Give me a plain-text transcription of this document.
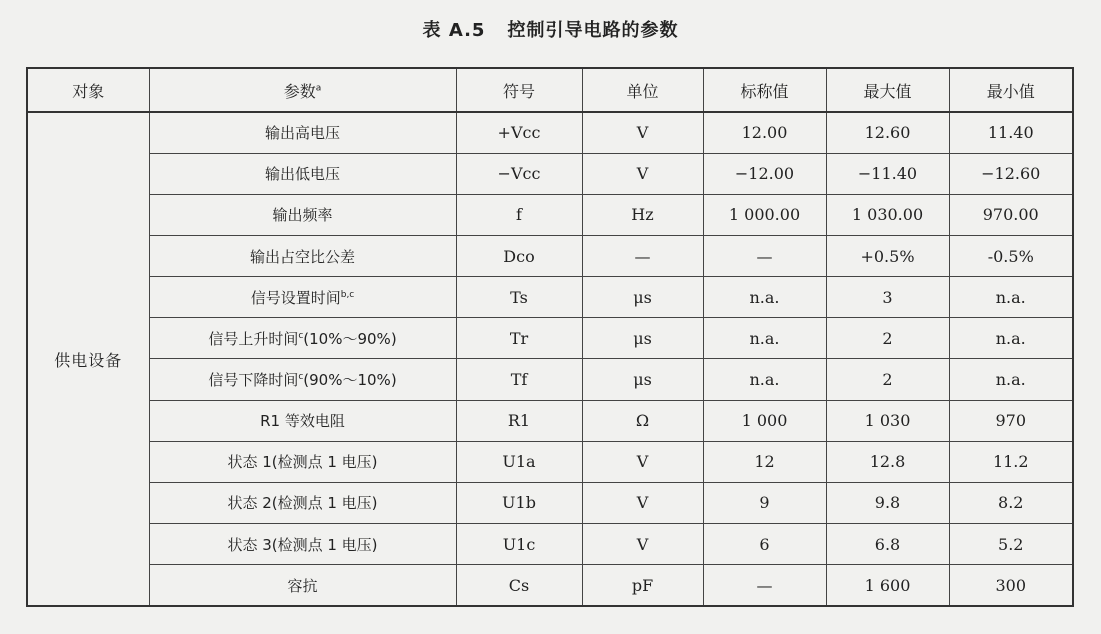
表 A.5 控制引导电路的参数
对象	参数$^a$	符号	单位	标称值	最大值	最小值
供电设备	输出高电压	+Vcc	V	12.00	12.60	11.40
	输出低电压	−Vcc	V	−12.00	−11.40	−12.60
	输出频率	f	Hz	1 000.00	1 030.00	970.00
	输出占空比公差	Dco	—	—	+0.5%	-0.5%
	信号设置时间$^{b,c}$	Ts	μs	n.a.	3	n.a.
	信号上升时间$^c$(10%～90%)	Tr	μs	n.a.	2	n.a.
	信号下降时间$^c$(90%～10%)	Tf	μs	n.a.	2	n.a.
	R1 等效电阻	R1	Ω	1 000	1 030	970
	状态 1(检测点 1 电压)	U1a	V	12	12.8	11.2
	状态 2(检测点 1 电压)	U1b	V	9	9.8	8.2
	状态 3(检测点 1 电压)	U1c	V	6	6.8	5.2
	容抗	Cs	pF	—	1 600	300
